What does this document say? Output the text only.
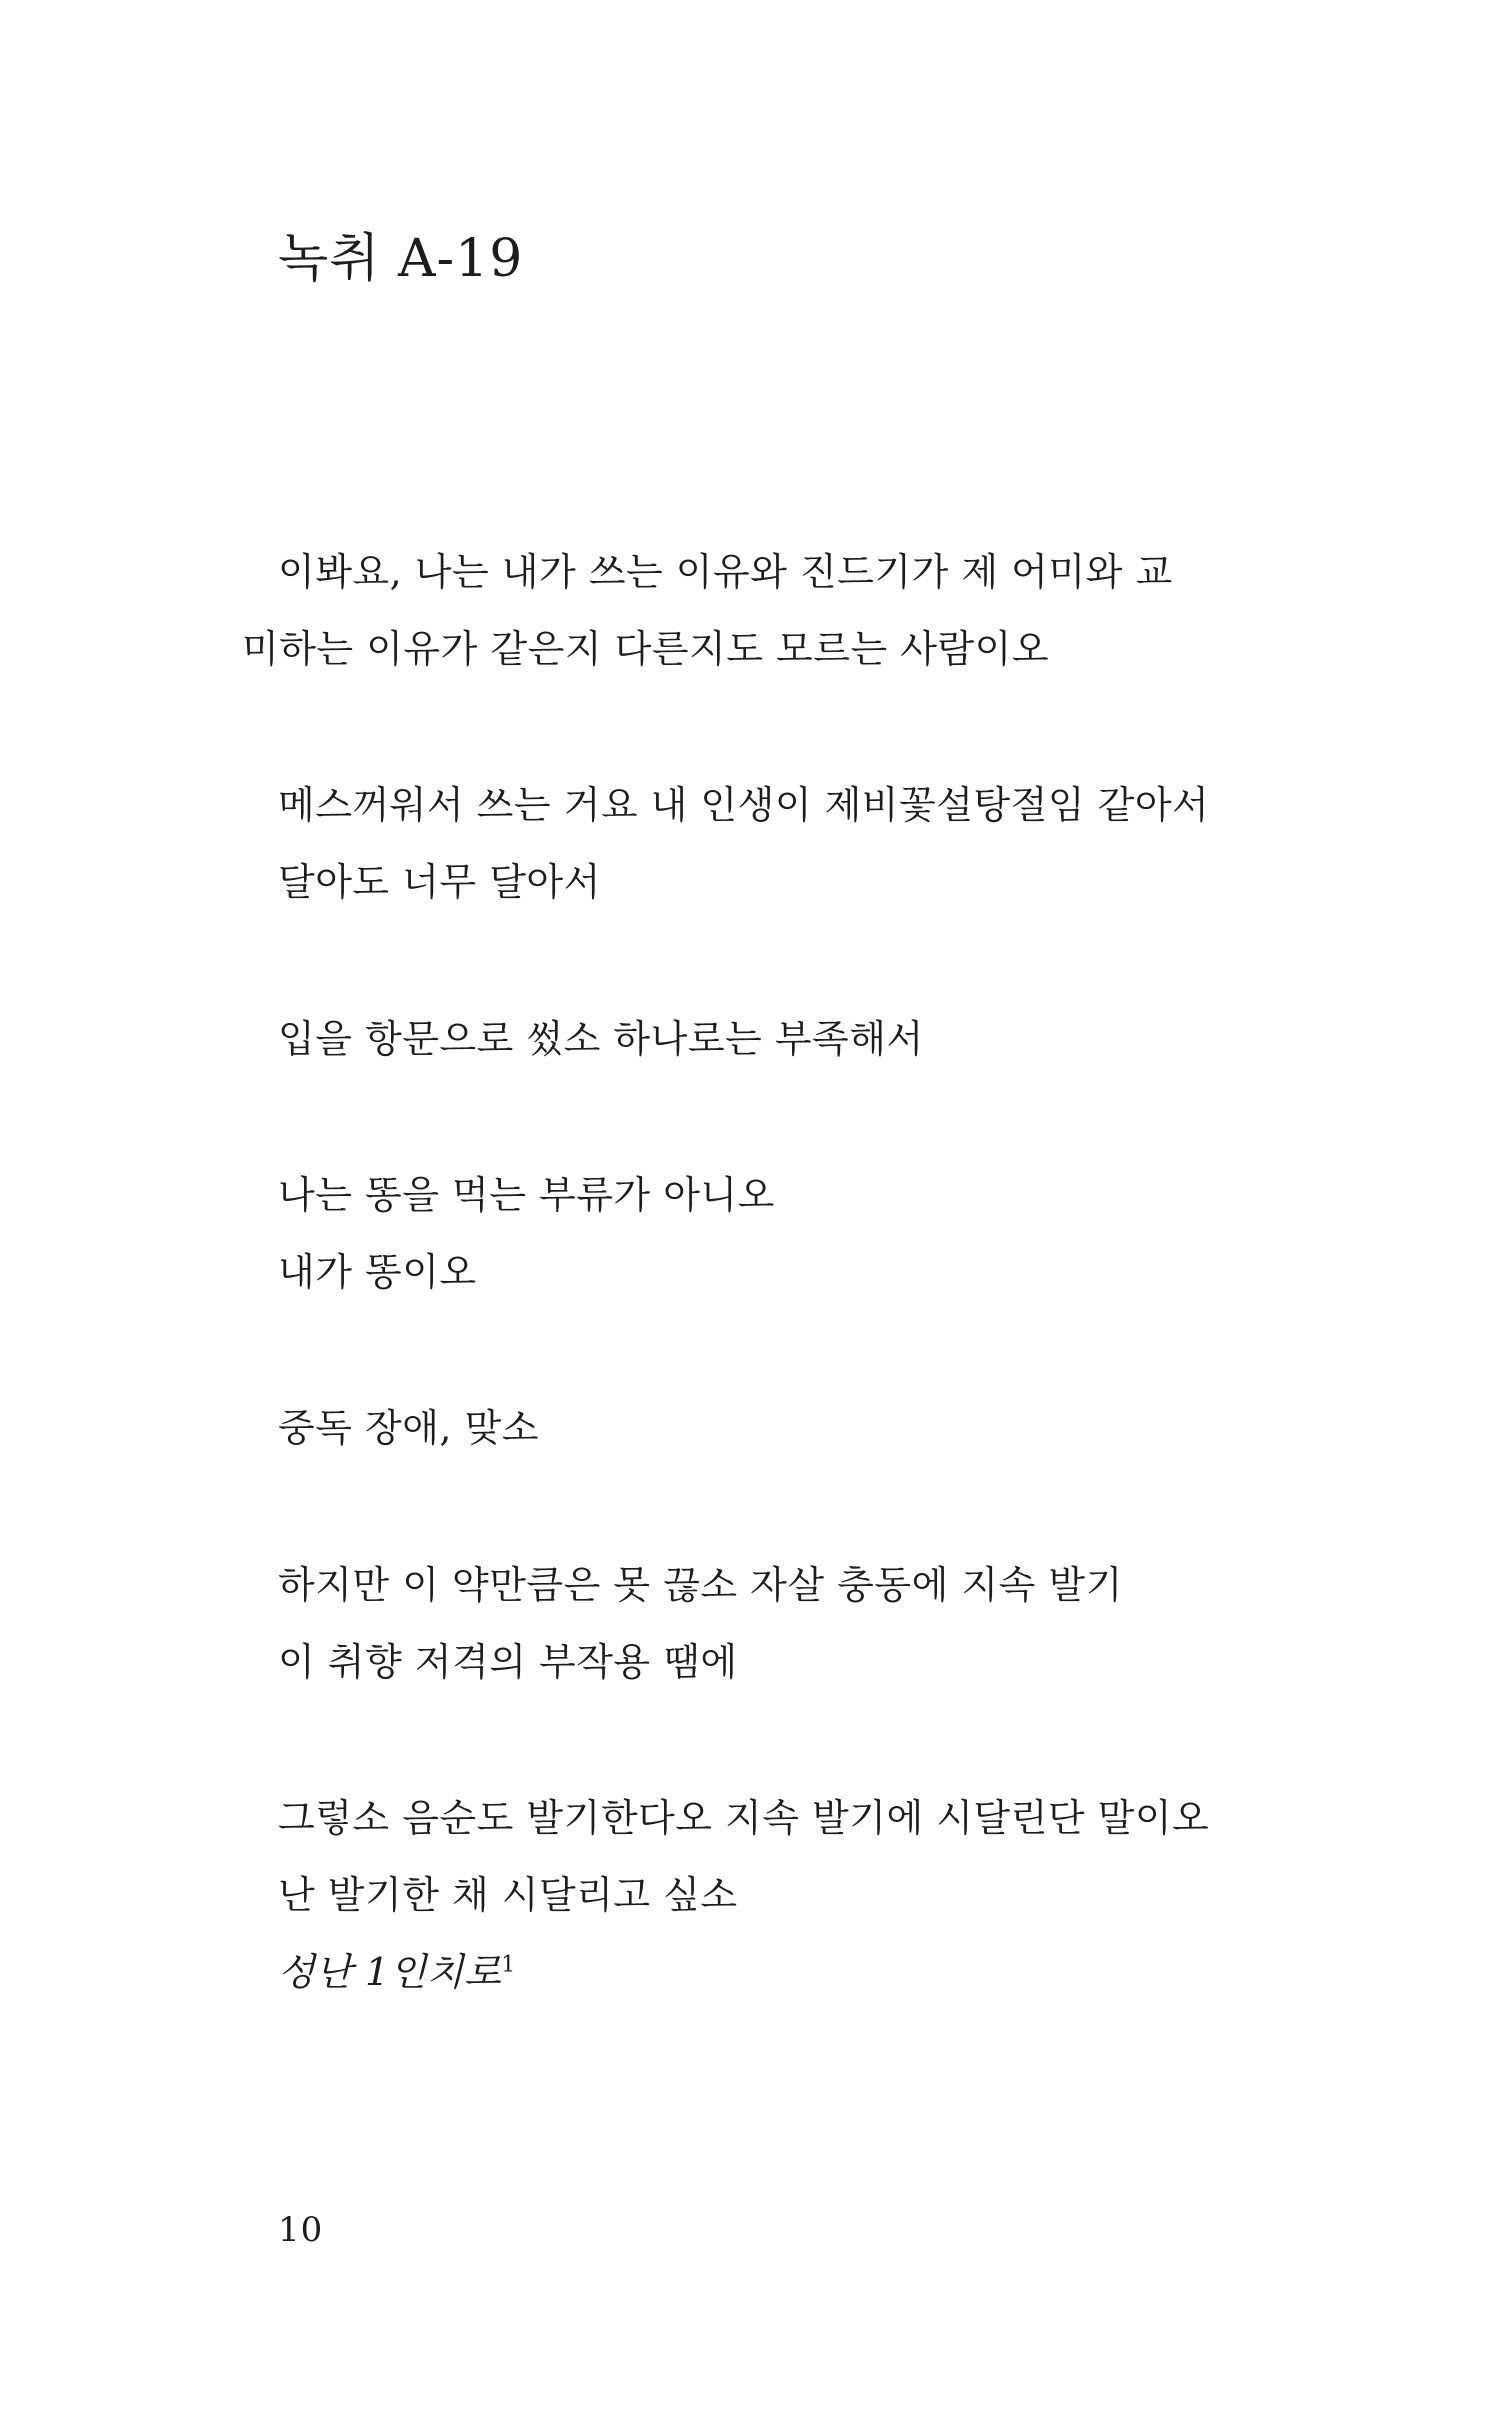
녹취 A-19
이봐요, 나는 내가 쓰는 이유와 진드기가 제 어미와 교
미하는 이유가 같은지 다른지도 모르는 사람이오
메스꺼워서 쓰는 거요 내 인생이 제비꽃설탕절임 같아서
달아도 너무 달아서
입을 항문으로 썼소 하나로는 부족해서
나는 똥을 먹는 부류가 아니오
내가 똥이오
중독 장애, 맞소
하지만 이 약만큼은 못 끊소 자살 충동에 지속 발기
이 취향 저격의 부작용 땜에
그렇소 음순도 발기한다오 지속 발기에 시달린단 말이오
난 발기한 채 시달리고 싶소
성난 1인치로$^1$
10
